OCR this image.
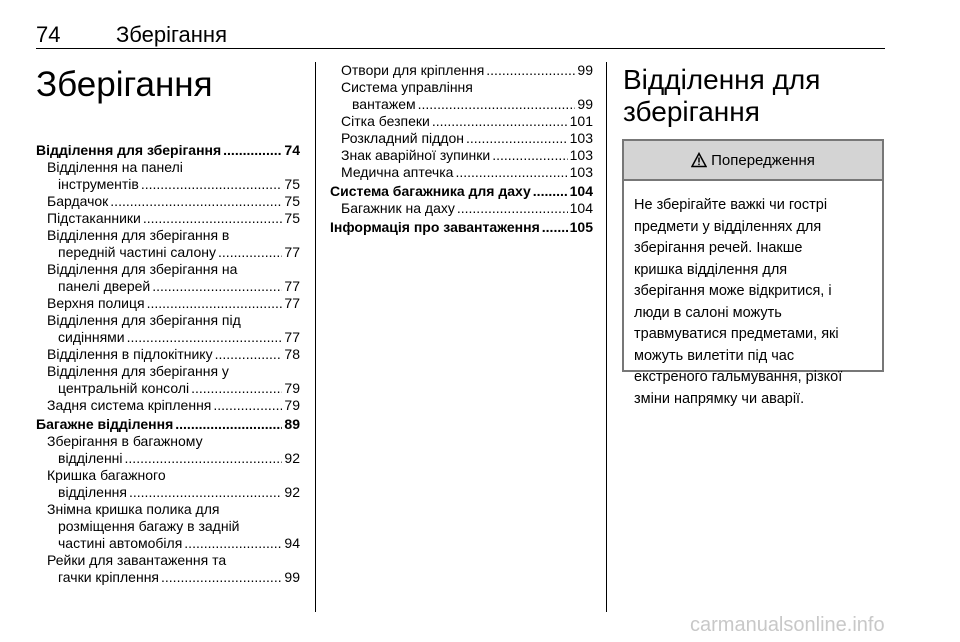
74	Зберігання
Зберігання
Відділення для зберігання .....	74
Відділення на панелі
інструментів .....	75
Бардачок .....	75
Підстаканники .....	75
Відділення для зберігання в
передній частині салону .....	77
Відділення для зберігання на
панелі дверей .....	77
Верхня полиця .....	77
Відділення для зберігання під
сидіннями .....	77
Відділення в підлокітнику .....	78
Відділення для зберігання у
центральній консолі .....	79
Задня система кріплення .....	79
Багажне відділення .....	89
Зберігання в багажному
відділенні .....	92
Кришка багажного
відділення .....	92
Знімна кришка полика для
розміщення багажу в задній
частині автомобіля .....	94
Рейки для завантаження та
гачки кріплення .....	99
Отвори для кріплення .....	99
Система управління
вантажем .....	99
Сітка безпеки .....	101
Розкладний піддон .....	103
Знак аварійної зупинки .....	103
Медична аптечка .....	103
Система багажника для даху .....	104
Багажник на даху .....	104
Інформація про завантаження ..... 105
Відділення для
зберігання
Попередження
Не зберігайте важкі чи гострі
предмети у відділеннях для
зберігання речей. Інакше
кришка відділення для
зберігання може відкритися, і
люди в салоні можуть
травмуватися предметами, які
можуть вилетіти під час
екстреного гальмування, різкої
зміни напрямку чи аварії.
carmanualsonline.info
